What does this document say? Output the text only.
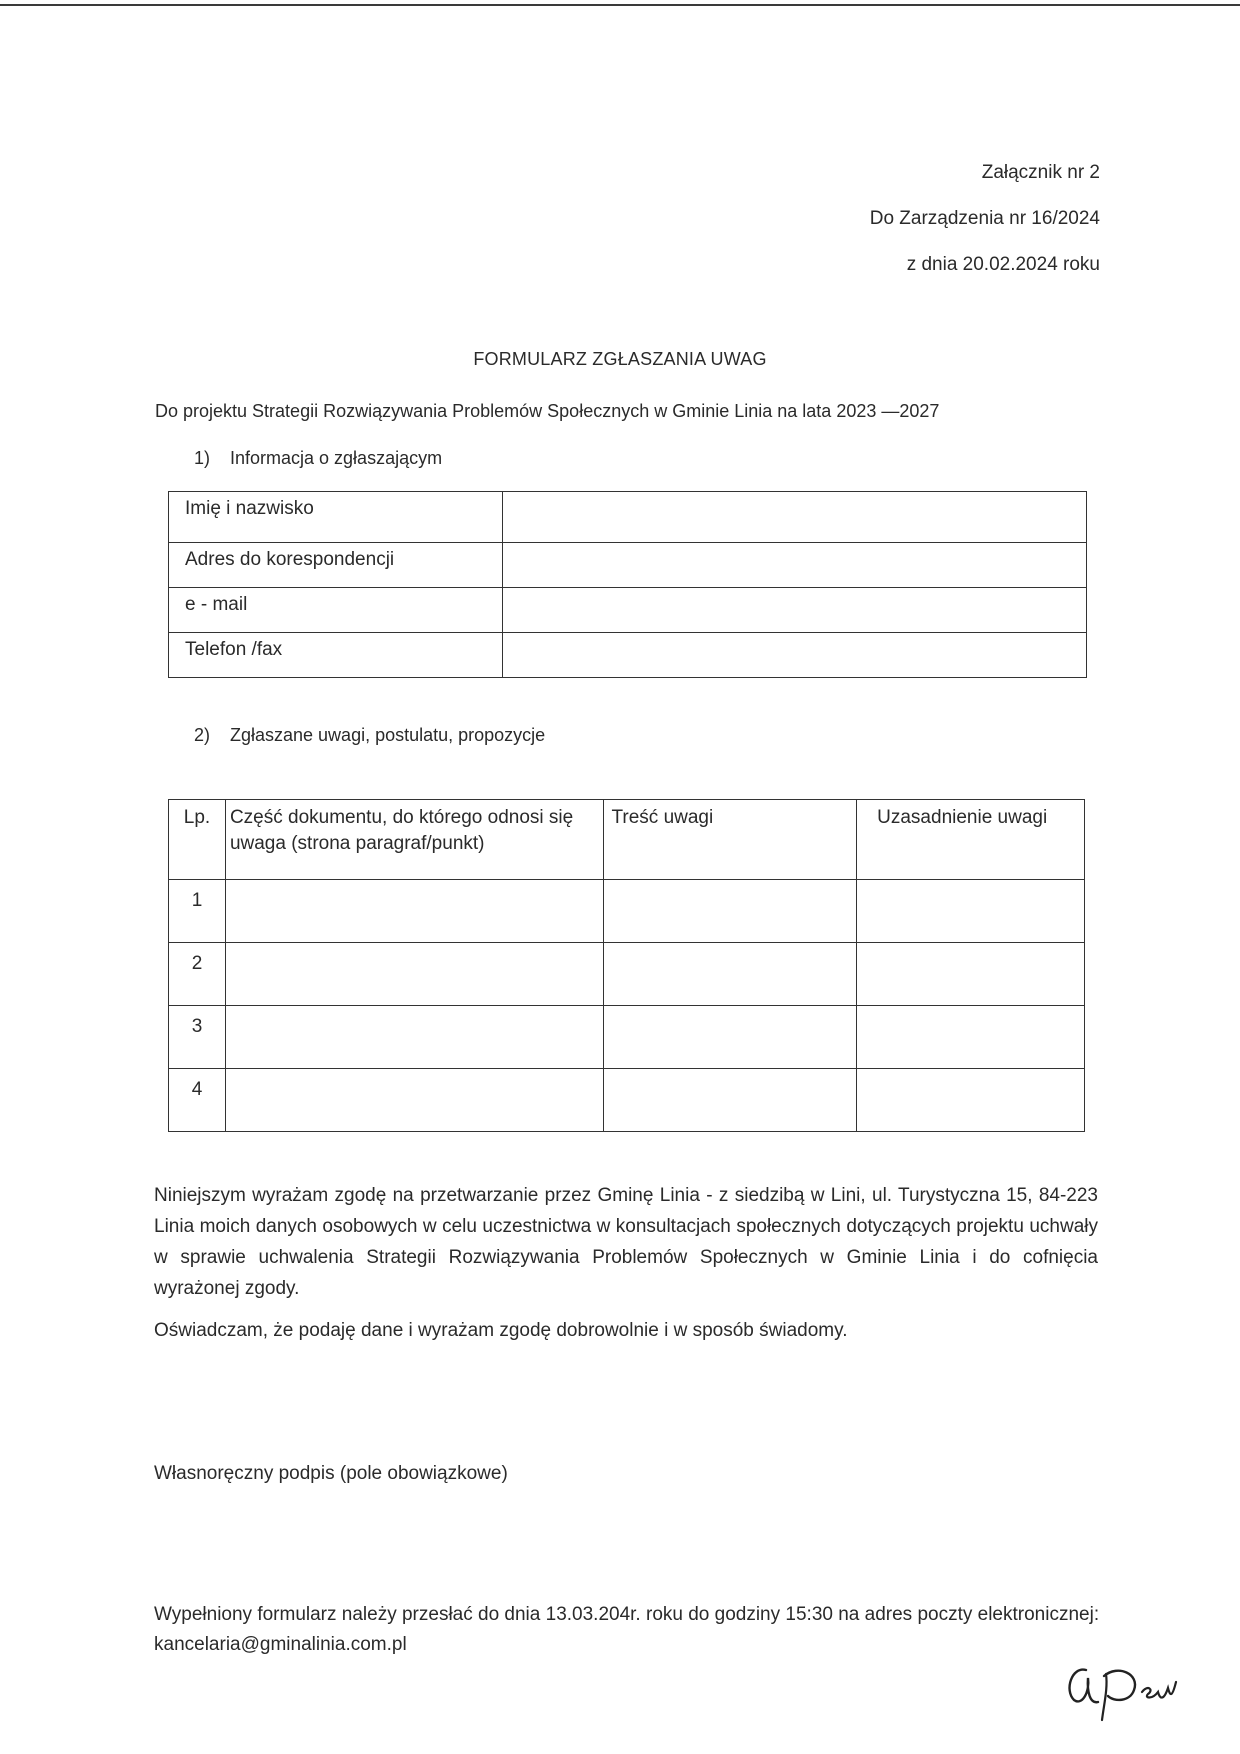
Załącznik nr 2
Do Zarządzenia nr 16/2024
z dnia 20.02.2024 roku
FORMULARZ ZGŁASZANIA UWAG
Do projektu Strategii Rozwiązywania Problemów Społecznych w Gminie Linia na lata 2023 —2027
1) Informacja o zgłaszającym
Imię i nazwisko	
Adres do korespondencji	
e - mail	
Telefon /fax	
2) Zgłaszane uwagi, postulatu, propozycje
Lp.	Część dokumentu, do którego odnosi się uwaga (strona paragraf/punkt)	Treść uwagi	Uzasadnienie uwagi
1			
2			
3			
4			
Niniejszym wyrażam zgodę na przetwarzanie przez Gminę Linia - z siedzibą w Lini, ul. Turystyczna 15, 84-223 Linia moich danych osobowych w celu uczestnictwa w konsultacjach społecznych dotyczących projektu uchwały w sprawie uchwalenia Strategii Rozwiązywania Problemów Społecznych w Gminie Linia i do cofnięcia wyrażonej zgody.
Oświadczam, że podaję dane i wyrażam zgodę dobrowolnie i w sposób świadomy.
Własnoręczny podpis (pole obowiązkowe)
Wypełniony formularz należy przesłać do dnia 13.03.204r. roku do godziny 15:30 na adres poczty elektronicznej: kancelaria@gminalinia.com.pl
